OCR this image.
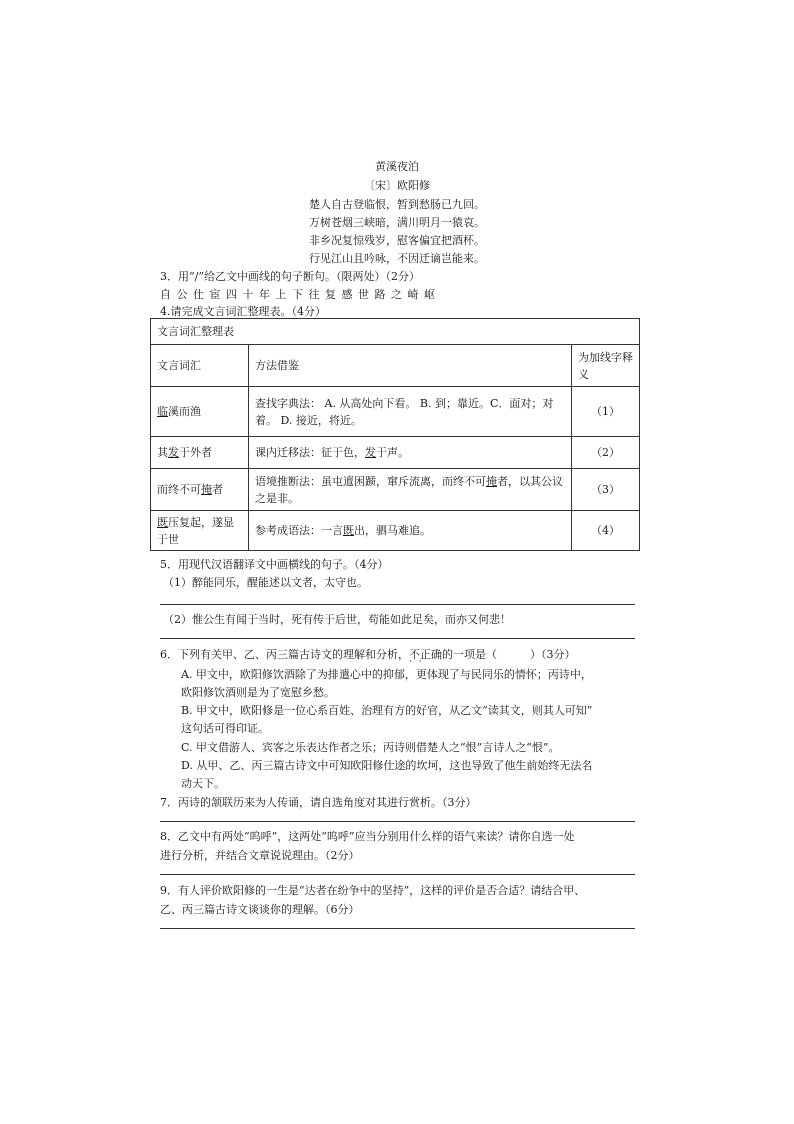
黄溪夜泊
〔宋〕欧阳修
楚人自古登临恨，暂到愁肠已九回。
万树苍烟三峡暗，满川明月一猿哀。
非乡况复惊残岁，慰客偏宜把酒杯。
行见江山且吟咏，不因迁谪岂能来。
3．用“/”给乙文中画线的句子断句。（限两处）（2分）
自 公 仕 宦 四 十 年 上 下 往 复 感 世 路 之 崎 岖
4.请完成文言词汇整理表。（4分）
文言词汇整理表		
文言词汇	方法借鉴	为加线字释义
临溪而渔	查找字典法： A. 从高处向下看。 B. 到；靠近。C．面对；对着。 D. 接近，将近。	（1）
其发于外者	课内迁移法：征于色，发于声。	（2）
而终不可掩者	语境推断法：虽屯邅困踬，窜斥流离，而终不可掩者，以其公议之是非。	（3）
既压复起，遂显于世	参考成语法：一言既出，驷马难追。	（4）
5．用现代汉语翻译文中画横线的句子。（4分）
（1）醉能同乐，醒能述以文者，太守也。
（2）惟公生有闻于当时，死有传于后世，苟能如此足矣，而亦又何悲！
6．下列有关甲、乙、丙三篇古诗文的理解和分析，不正确 · ·的一项是（　　　）（3分）
A. 甲文中，欧阳修饮酒除了为排遣心中的抑郁，更体现了与民同乐的情怀；丙诗中，
欧阳修饮酒则是为了宽慰乡愁。
B. 甲文中，欧阳修是一位心系百姓、治理有方的好官，从乙文“读其文，则其人可知”
这句话可得印证。
C. 甲文借游人、宾客之乐表达作者之乐；丙诗则借楚人之“恨”言诗人之“恨”。
D. 从甲、乙、丙三篇古诗文中可知欧阳修仕途的坎坷，这也导致了他生前始终无法名
动天下。
7．丙诗的颔联历来为人传诵，请自选角度对其进行赏析。（3分）
8．乙文中有两处“呜呼”，这两处“呜呼”应当分别用什么样的语气来读？请你自选一处
进行分析，并结合文章说说理由。（2分）
9．有人评价欧阳修的一生是“达者在纷争中的坚持”，这样的评价是否合适？请结合甲、
乙、丙三篇古诗文谈谈你的理解。（6分）
